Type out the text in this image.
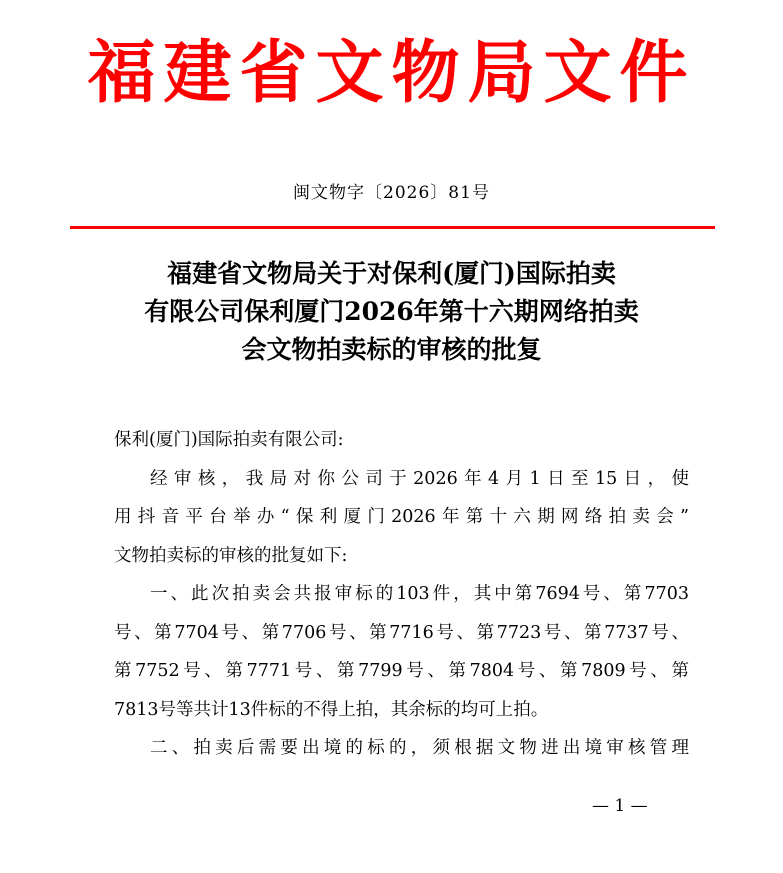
福建省文物局文件
闽文物字〔2026〕81号
福建省文物局关于对保利(厦门)国际拍卖
有限公司保利厦门2026年第十六期网络拍卖
会文物拍卖标的审核的批复
保利(厦门)国际拍卖有限公司:
经审核，我局对你公司于2026年4月1日至15日，使
用抖音平台举办“保利厦门2026年第十六期网络拍卖会”
文物拍卖标的审核的批复如下:
一、此次拍卖会共报审标的103件，其中第7694号、第7703
号、第7704号、第7706号、第7716号、第7723号、第7737号、
第7752号、第7771号、第7799号、第7804号、第7809号、第
7813号等共计13件标的不得上拍，其余标的均可上拍。
二、拍卖后需要出境的标的，须根据文物进出境审核管理
— 1 —
